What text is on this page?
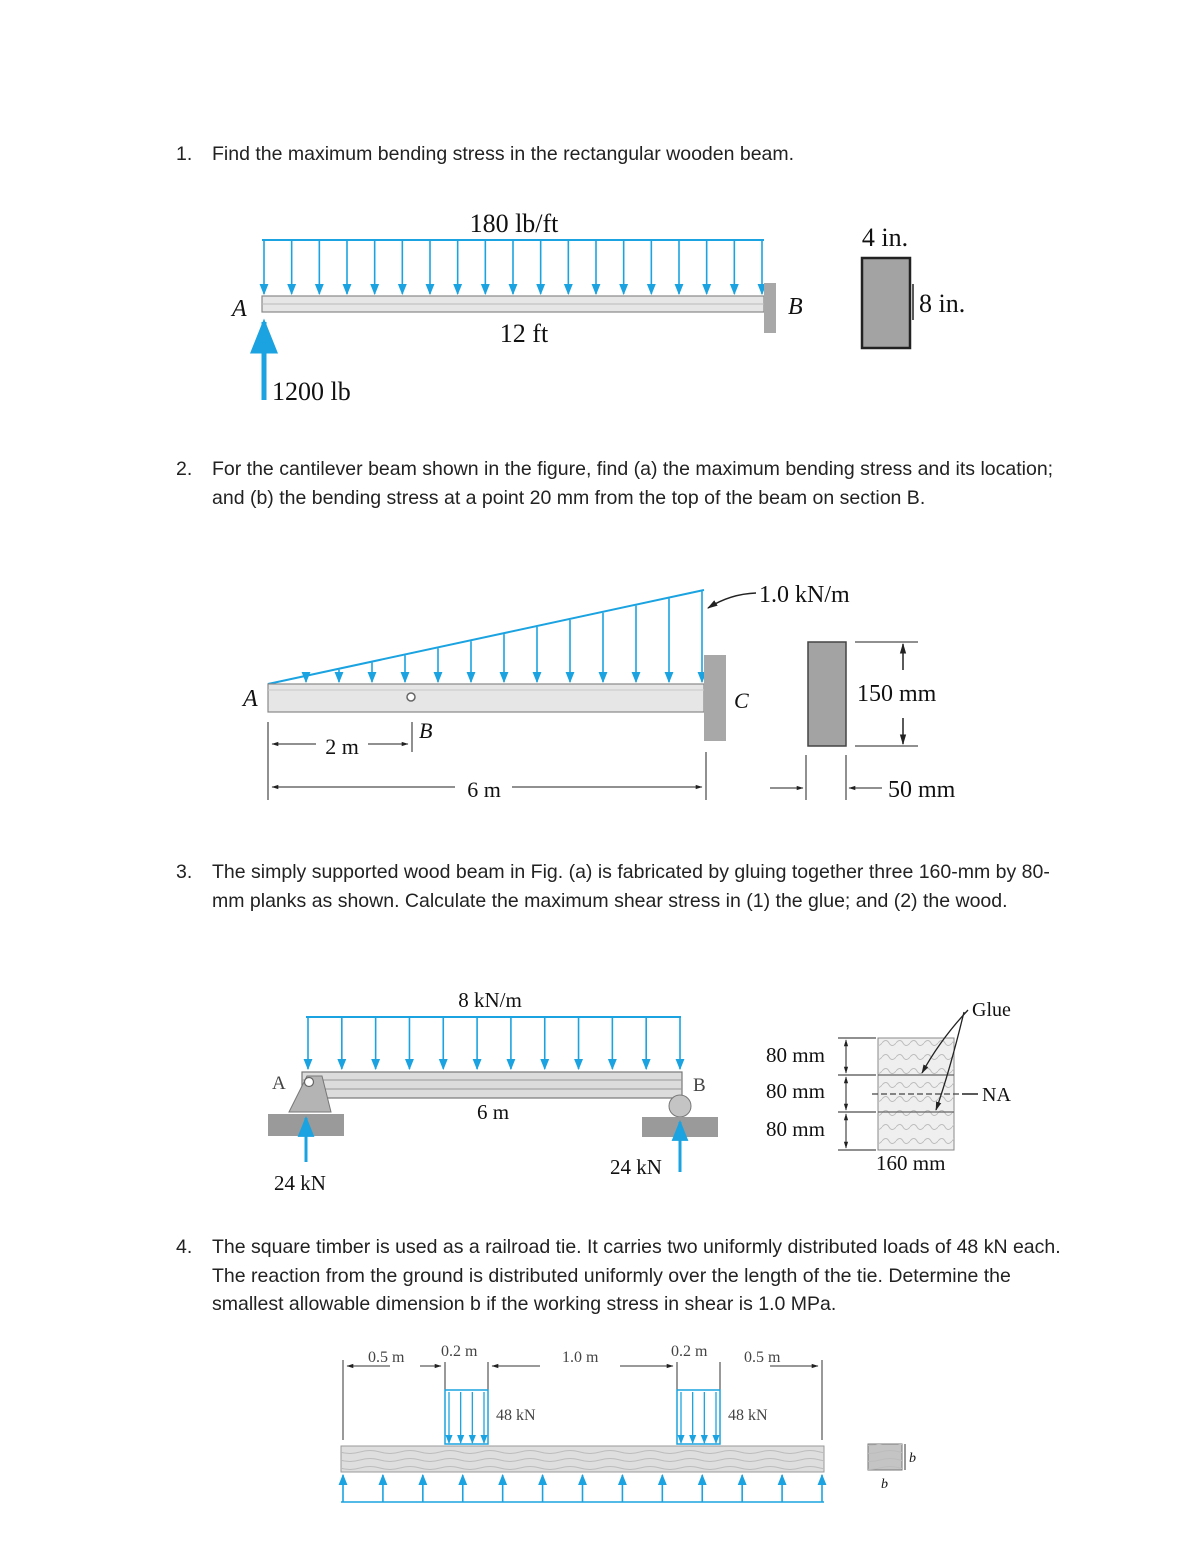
1. Find the maximum bending stress in the rectangular wooden beam.
2. For the cantilever beam shown in the figure, find (a) the maximum bending stress and its location; and (b) the bending stress at a point 20 mm from the top of the beam on section B.
3. The simply supported wood beam in Fig. (a) is fabricated by gluing together three 160-mm by 80-mm planks as shown. Calculate the maximum shear stress in (1) the glue; and (2) the wood.
4. The square timber is used as a railroad tie. It carries two uniformly distributed loads of 48 kN each. The reaction from the ground is distributed uniformly over the length of the tie. Determine the smallest allowable dimension b if the working stress in shear is 1.0 MPa.
A	B
180 lb/ft
12 ft
1200 lb
4 in.
8 in.
A
B
C
1.0 kN/m
2 m
6 m
150 mm
50 mm
8 kN/m
A	B
6 m
24 kN
24 kN
80 mm
80 mm
80 mm
Glue
NA
160 mm
0.5 m 0.2 m	1.0 m	0.2 m 0.5 m
48 kN	48 kN
b
b
